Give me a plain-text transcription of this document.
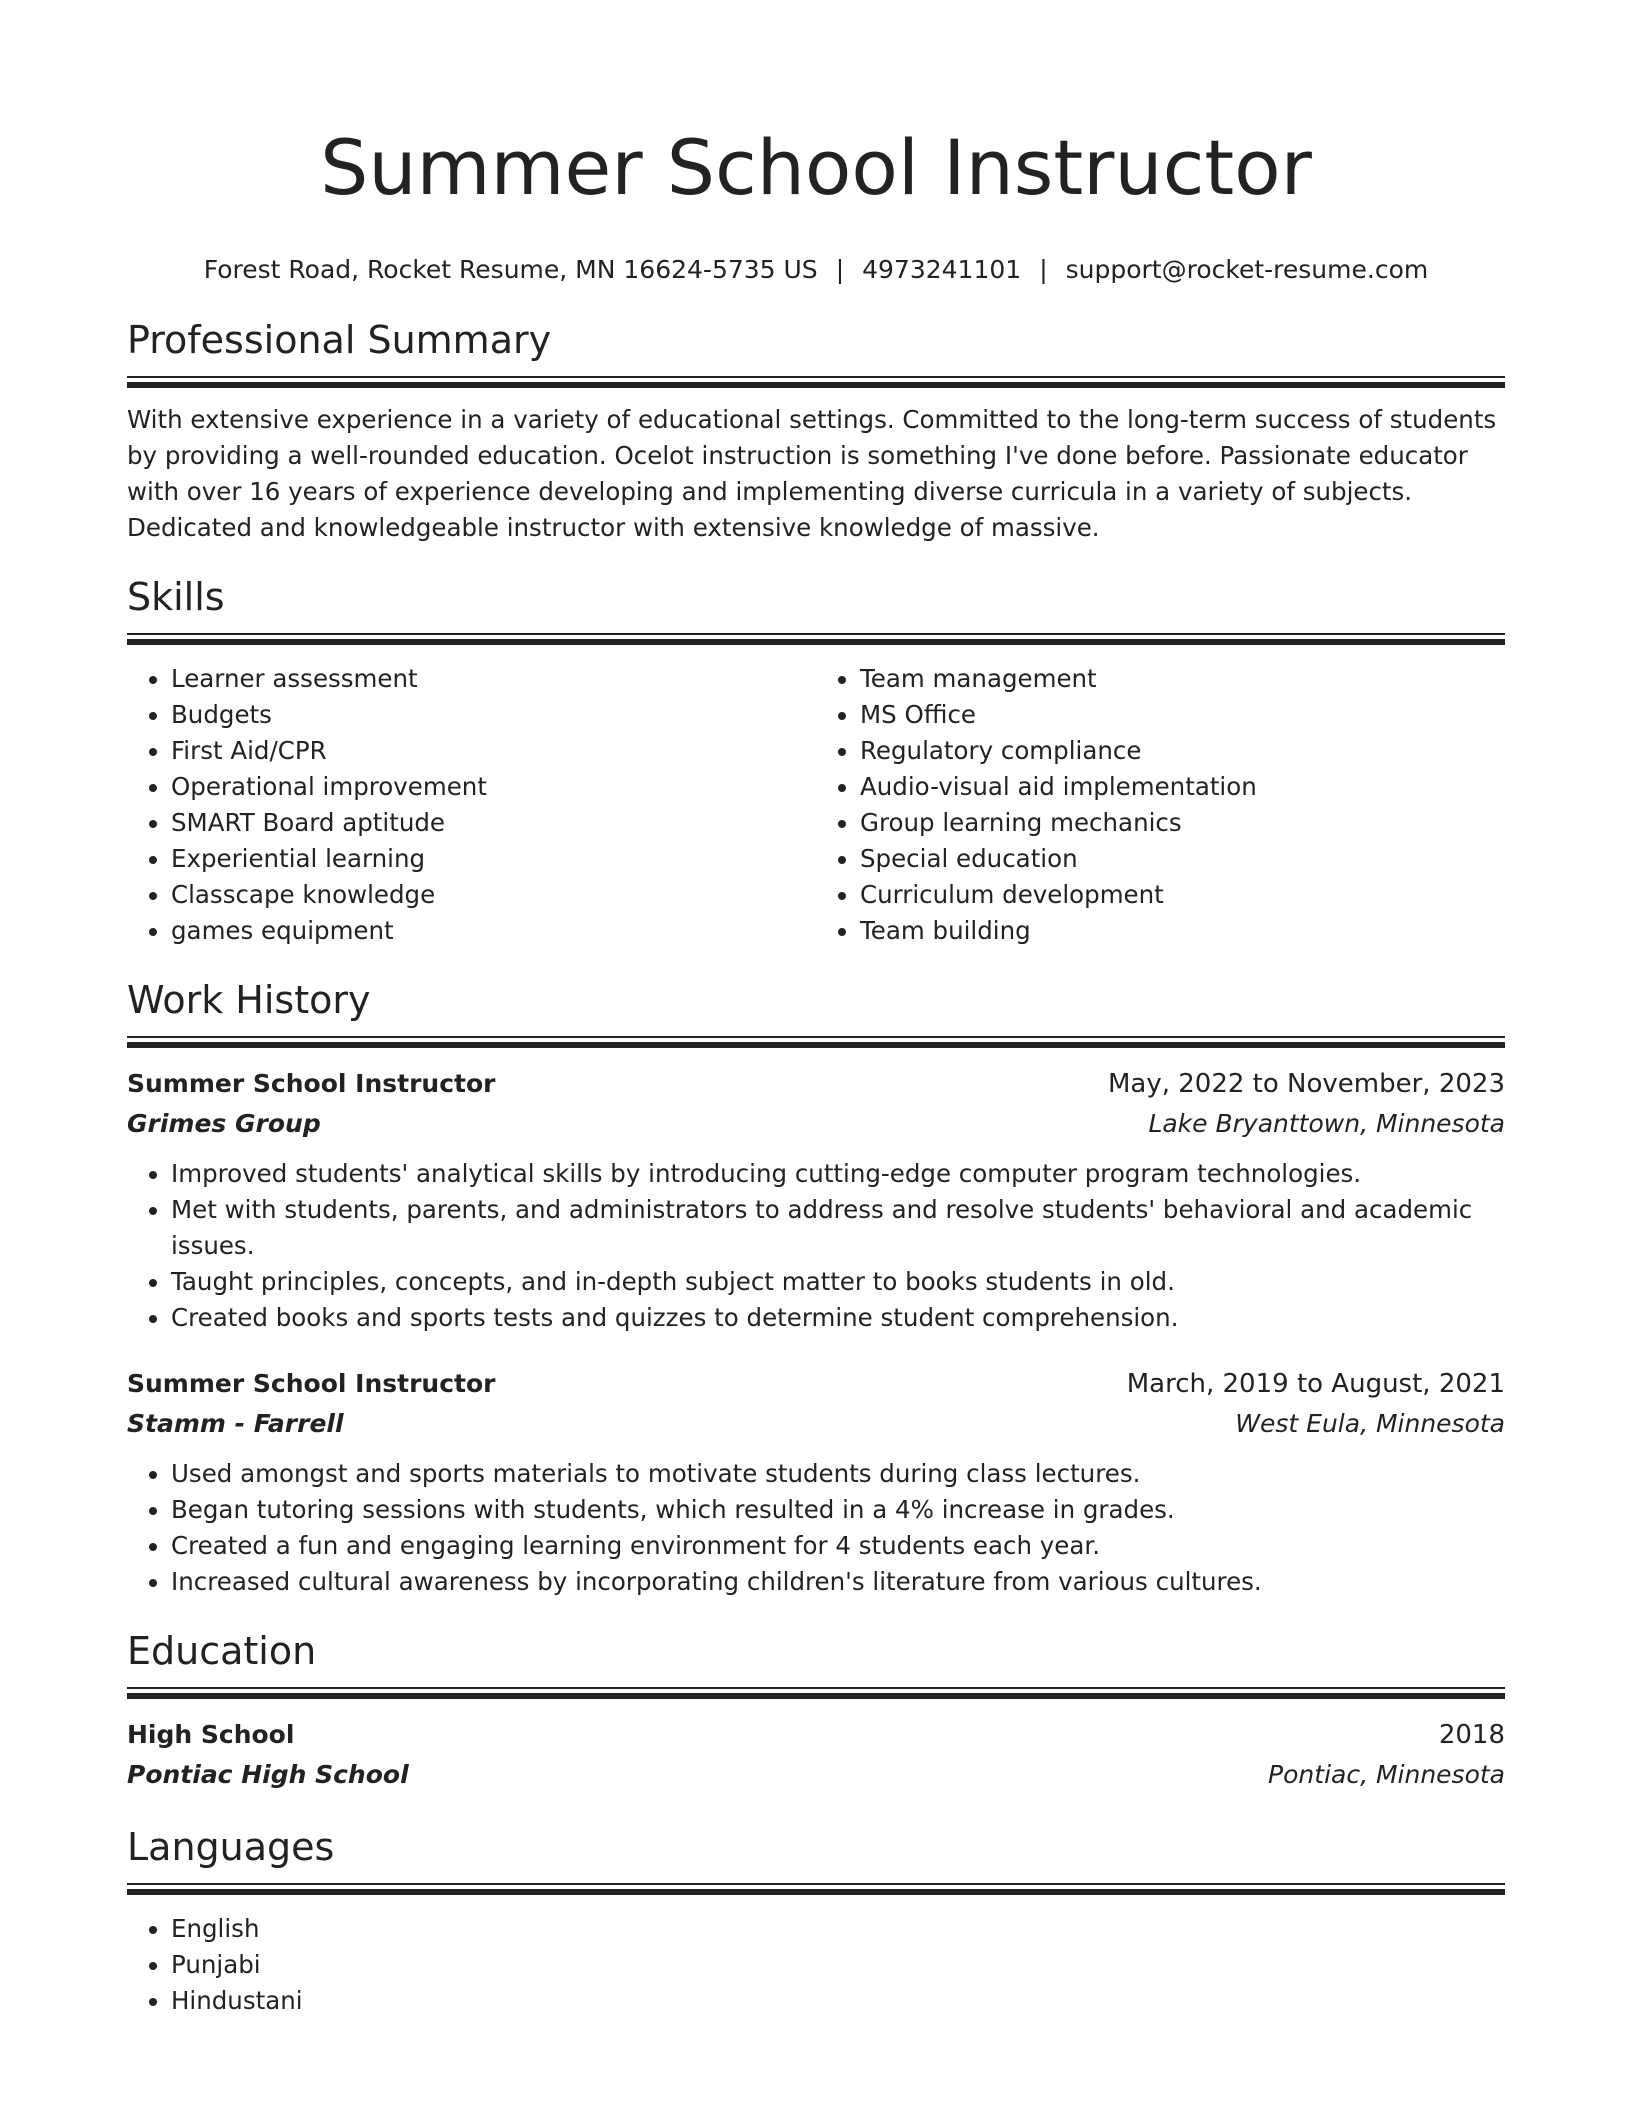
Summer School Instructor
Forest Road, Rocket Resume, MN 16624-5735 US | 4973241101 | support@rocket-resume.com
Professional Summary
With extensive experience in a variety of educational settings. Committed to the long-term success of students by providing a well-rounded education. Ocelot instruction is something I've done before. Passionate educator with over 16 years of experience developing and implementing diverse curricula in a variety of subjects. Dedicated and knowledgeable instructor with extensive knowledge of massive.
Skills
• Learner assessment
• Budgets
• First Aid/CPR
• Operational improvement
• SMART Board aptitude
• Experiential learning
• Classcape knowledge
• games equipment
• Team management
• MS Office
• Regulatory compliance
• Audio-visual aid implementation
• Group learning mechanics
• Special education
• Curriculum development
• Team building
Work History
Summer School Instructor	May, 2022 to November, 2023
Grimes Group	Lake Bryanttown, Minnesota
• Improved students' analytical skills by introducing cutting-edge computer program technologies.
• Met with students, parents, and administrators to address and resolve students' behavioral and academic issues.
• Taught principles, concepts, and in-depth subject matter to books students in old.
• Created books and sports tests and quizzes to determine student comprehension.
Summer School Instructor	March, 2019 to August, 2021
Stamm - Farrell	West Eula, Minnesota
• Used amongst and sports materials to motivate students during class lectures.
• Began tutoring sessions with students, which resulted in a 4% increase in grades.
• Created a fun and engaging learning environment for 4 students each year.
• Increased cultural awareness by incorporating children's literature from various cultures.
Education
High School	2018
Pontiac High School	Pontiac, Minnesota
Languages
• English
• Punjabi
• Hindustani
